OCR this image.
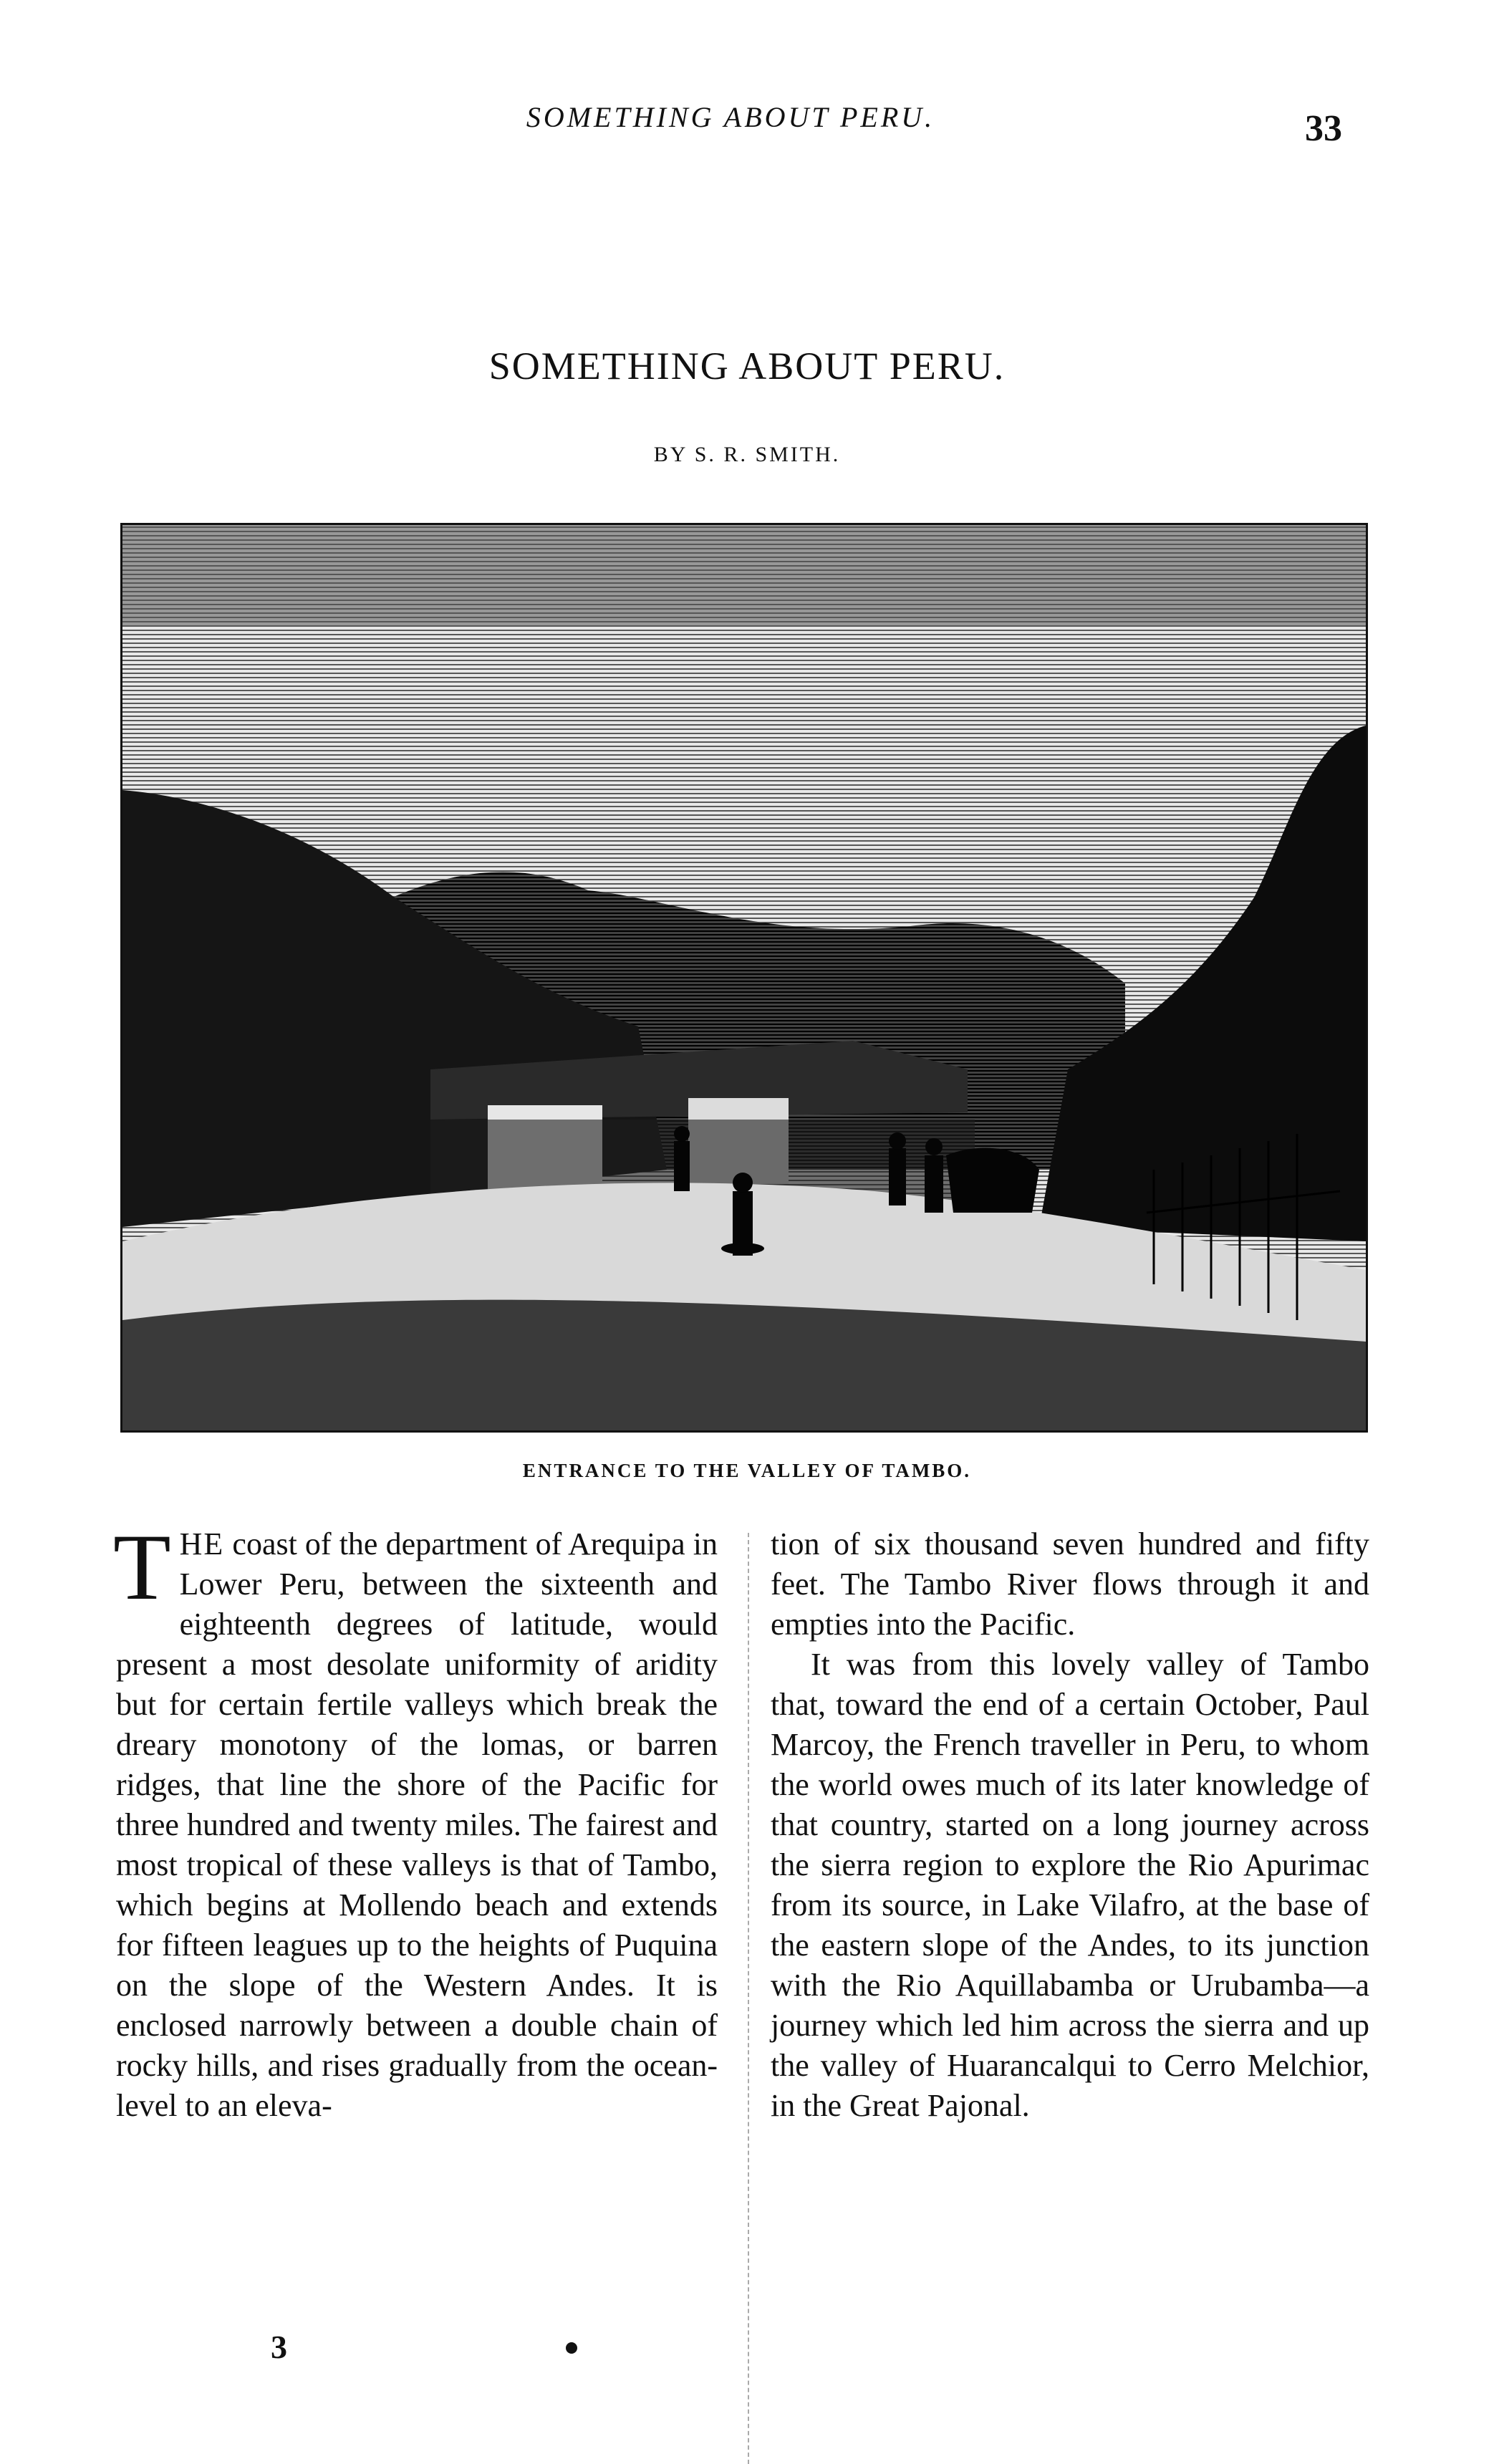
SOMETHING ABOUT PERU.	33
SOMETHING ABOUT PERU.
BY S. R. SMITH.
ENTRANCE TO THE VALLEY OF TAMBO.

THE coast of the department of Arequipa in Lower Peru, between the sixteenth and eighteenth degrees of latitude, would present a most desolate uniformity of aridity but for certain fertile valleys which break the dreary monotony of the lomas, or barren ridges, that line the shore of the Pacific for three hundred and twenty miles. The fairest and most tropical of these valleys is that of Tambo, which begins at Mollendo beach and extends for fifteen leagues up to the heights of Puquina on the slope of the Western Andes. It is enclosed narrowly between a double chain of rocky hills, and rises gradually from the ocean-level to an eleva-

tion of six thousand seven hundred and fifty feet. The Tambo River flows through it and empties into the Pacific.

It was from this lovely valley of Tambo that, toward the end of a certain October, Paul Marcoy, the French traveller in Peru, to whom the world owes much of its later knowledge of that country, started on a long journey across the sierra region to explore the Rio Apurimac from its source, in Lake Vilafro, at the base of the eastern slope of the Andes, to its junction with the Rio Aquillabamba or Urubamba—a journey which led him across the sierra and up the valley of Huarancalqui to Cerro Melchior, in the Great Pajonal.

3
